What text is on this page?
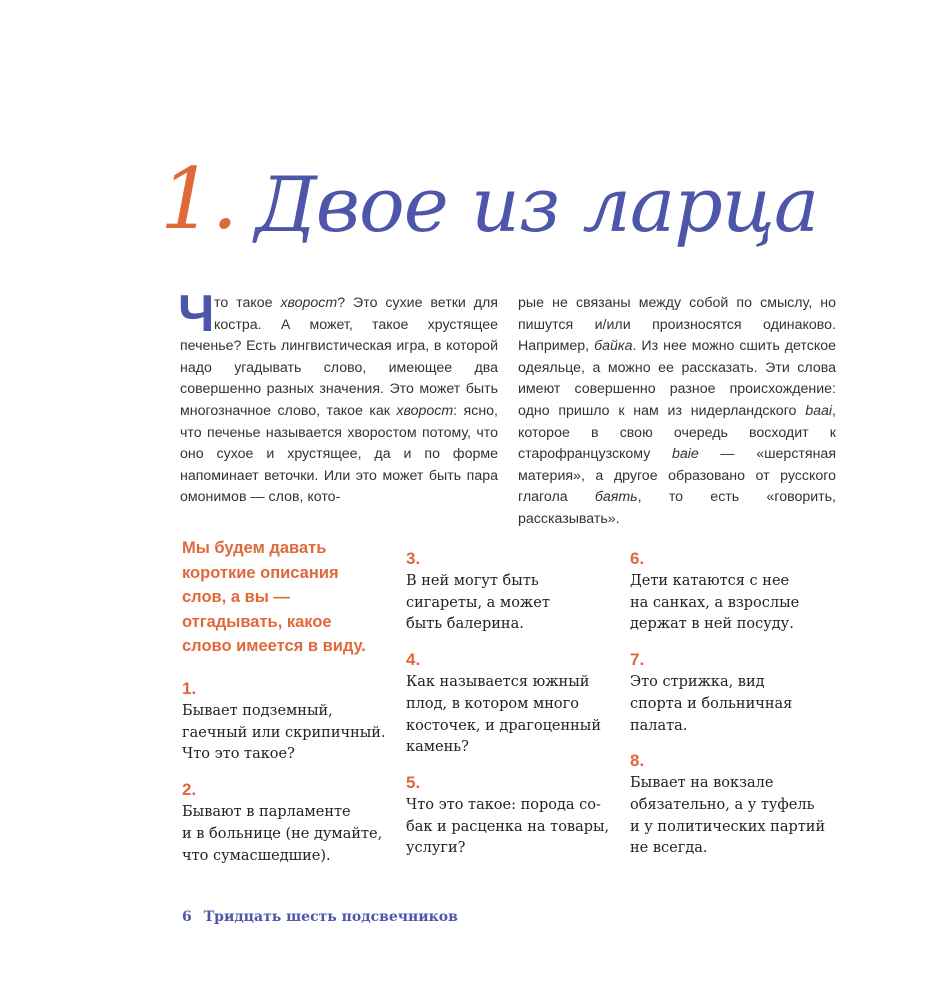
1. Двое из ларца

Что такое хворост? Это сухие ветки для костра. А может, такое хрустящее печенье? Есть лингвистическая игра, в которой надо угадывать слово, имеющее два совершенно разных значения. Это может быть многозначное слово, такое как хворост: ясно, что печенье называется хворостом потому, что оно сухое и хрустящее, да и по форме напоминает веточки. Или это может быть пара омонимов — слов, кото-

рые не связаны между собой по смыслу, но пишутся и/или произносятся одинаково. Например, байка. Из нее можно сшить детское одеяльце, а можно ее рассказать. Эти слова имеют совершенно разное происхождение: одно пришло к нам из нидерландского baai, которое в свою очередь восходит к старофранцузскому baie — «шерстяная материя», а другое образовано от русского глагола баять, то есть «говорить, рассказывать».

Мы будем давать короткие описания слов, а вы — отгадывать, какое слово имеется в виду.
1.
Бывает подземный,
гаечный или скрипичный.
Что это такое?
2.
Бывают в парламенте
и в больнице (не думайте,
что сумасшедшие).
3.
В ней могут быть
сигареты, а может
быть балерина.
4.
Как называется южный
плод, в котором много
косточек, и драгоценный
камень?
5.
Что это такое: порода со-
бак и расценка на товары,
услуги?
6.
Дети катаются с нее
на санках, а взрослые
держат в ней посуду.
7.
Это стрижка, вид
спорта и больничная
палата.
8.
Бывает на вокзале
обязательно, а у туфель
и у политических партий
не всегда.
6 Тридцать шесть подсвечников
